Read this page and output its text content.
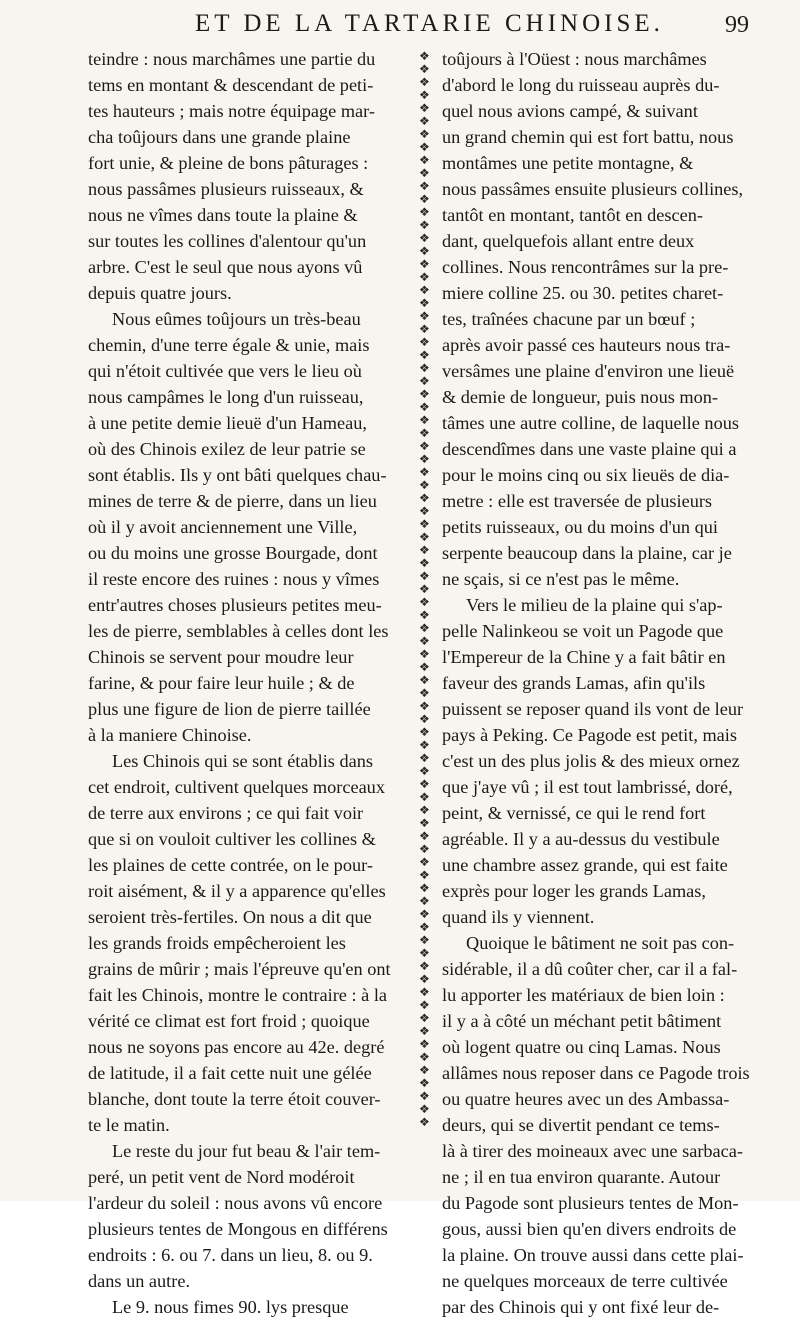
ET DE LA TARTARIE CHINOISE.	99
teindre : nous marchâmes une partie du
tems en montant & descendant de peti-
tes hauteurs ; mais notre équipage mar-
cha toûjours dans une grande plaine
fort unie, & pleine de bons pâturages :
nous passâmes plusieurs ruisseaux, &
nous ne vîmes dans toute la plaine &
sur toutes les collines d'alentour qu'un
arbre. C'est le seul que nous ayons vû
depuis quatre jours.
Nous eûmes toûjours un très-beau
chemin, d'une terre égale & unie, mais
qui n'étoit cultivée que vers le lieu où
nous campâmes le long d'un ruisseau,
à une petite demie lieuë d'un Hameau,
où des Chinois exilez de leur patrie se
sont établis. Ils y ont bâti quelques chau-
mines de terre & de pierre, dans un lieu
où il y avoit anciennement une Ville,
ou du moins une grosse Bourgade, dont
il reste encore des ruines : nous y vîmes
entr'autres choses plusieurs petites meu-
les de pierre, semblables à celles dont les
Chinois se servent pour moudre leur
farine, & pour faire leur huile ; & de
plus une figure de lion de pierre taillée
à la maniere Chinoise.
Les Chinois qui se sont établis dans
cet endroit, cultivent quelques morceaux
de terre aux environs ; ce qui fait voir
que si on vouloit cultiver les collines &
les plaines de cette contrée, on le pour-
roit aisément, & il y a apparence qu'elles
seroient très-fertiles. On nous a dit que
les grands froids empêcheroient les
grains de mûrir ; mais l'épreuve qu'en ont
fait les Chinois, montre le contraire : à la
vérité ce climat est fort froid ; quoique
nous ne soyons pas encore au 42e. degré
de latitude, il a fait cette nuit une gélée
blanche, dont toute la terre étoit couver-
te le matin.
Le reste du jour fut beau & l'air tem-
peré, un petit vent de Nord modéroit
l'ardeur du soleil : nous avons vû encore
plusieurs tentes de Mongous en différens
endroits : 6. ou 7. dans un lieu, 8. ou 9.
dans un autre.
Le 9. nous fimes 90. lys presque
❖
❖
❖
❖
❖
❖
❖
❖
❖
❖
❖
❖
❖
❖
❖
❖
❖
❖
❖
❖
❖
❖
❖
❖
❖
❖
❖
❖
❖
❖
❖
❖
❖
❖
❖
❖
❖
❖
❖
❖
❖
❖
❖
❖
❖
❖
❖
❖
❖
❖
❖
❖
❖
❖
❖
❖
❖
❖
❖
❖
❖
❖
❖
❖
❖
❖
❖
❖
❖
❖
❖
❖
❖
❖
❖
❖
❖
❖
❖
❖
❖
❖
❖
toûjours à l'Oüest : nous marchâmes
d'abord le long du ruisseau auprès du-
quel nous avions campé, & suivant
un grand chemin qui est fort battu, nous
montâmes une petite montagne, &
nous passâmes ensuite plusieurs collines,
tantôt en montant, tantôt en descen-
dant, quelquefois allant entre deux
collines. Nous rencontrâmes sur la pre-
miere colline 25. ou 30. petites charet-
tes, traînées chacune par un bœuf ;
après avoir passé ces hauteurs nous tra-
versâmes une plaine d'environ une lieuë
& demie de longueur, puis nous mon-
tâmes une autre colline, de laquelle nous
descendîmes dans une vaste plaine qui a
pour le moins cinq ou six lieuës de dia-
metre : elle est traversée de plusieurs
petits ruisseaux, ou du moins d'un qui
serpente beaucoup dans la plaine, car je
ne sçais, si ce n'est pas le même.
Vers le milieu de la plaine qui s'ap-
pelle Nalinkeou se voit un Pagode que
l'Empereur de la Chine y a fait bâtir en
faveur des grands Lamas, afin qu'ils
puissent se reposer quand ils vont de leur
pays à Peking. Ce Pagode est petit, mais
c'est un des plus jolis & des mieux ornez
que j'aye vû ; il est tout lambrissé, doré,
peint, & vernissé, ce qui le rend fort
agréable. Il y a au-dessus du vestibule
une chambre assez grande, qui est faite
exprès pour loger les grands Lamas,
quand ils y viennent.
Quoique le bâtiment ne soit pas con-
sidérable, il a dû coûter cher, car il a fal-
lu apporter les matériaux de bien loin :
il y a à côté un méchant petit bâtiment
où logent quatre ou cinq Lamas. Nous
allâmes nous reposer dans ce Pagode trois
ou quatre heures avec un des Ambassa-
deurs, qui se divertit pendant ce tems-
là à tirer des moineaux avec une sarbaca-
ne ; il en tua environ quarante. Autour
du Pagode sont plusieurs tentes de Mon-
gous, aussi bien qu'en divers endroits de
la plaine. On trouve aussi dans cette plai-
ne quelques morceaux de terre cultivée
par des Chinois qui y ont fixé leur de-
